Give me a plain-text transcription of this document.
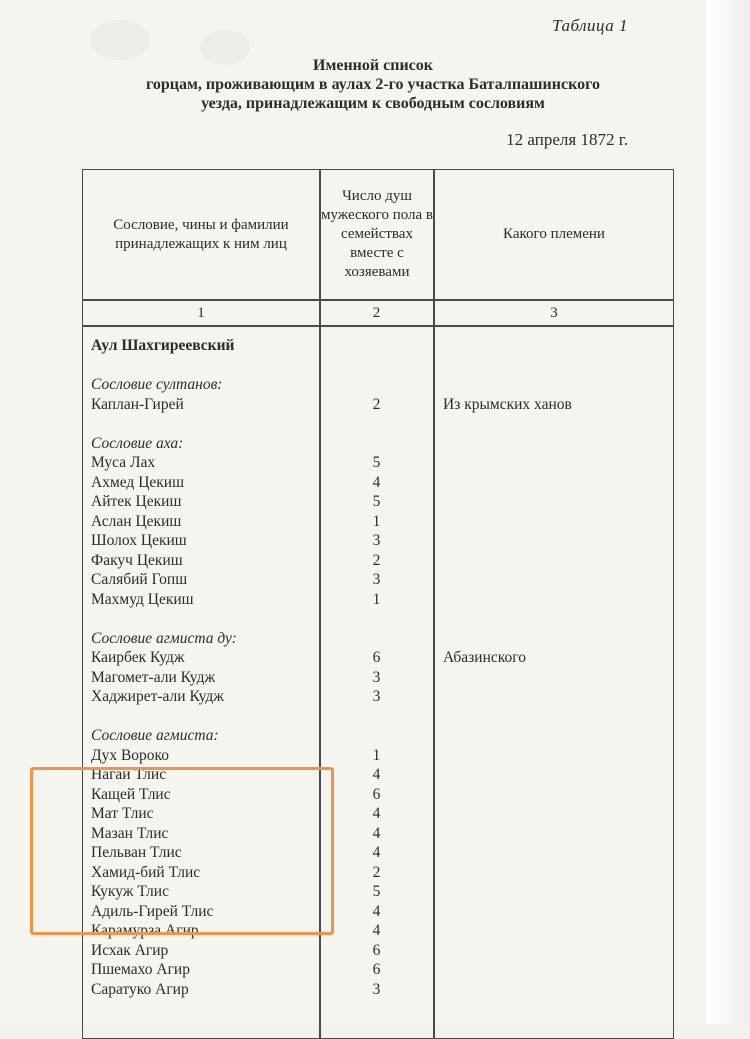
Таблица 1
Именной список
горцам, проживающим в аулах 2-го участка Баталпашинского
уезда, принадлежащим к свободным сословиям
12 апреля 1872 г.
Сословие, чины и фамилии принадлежащих к ним лиц
Число душ мужеского пола в семействах вместе с хозяевами
Какого племени
1	2	3
Аул Шахгиреевский
Сословие султанов:
Каплан-Гирей	2	Из крымских ханов
Сословие аха:
Муса Лах	5
Ахмед Цекиш	4
Айтек Цекиш	5
Аслан Цекиш	1
Шолох Цекиш	3
Факуч Цекиш	2
Салябий Гопш	3
Махмуд Цекиш	1
Сословие агмиста ду:
Каирбек Кудж	6	Абазинского
Магомет-али Кудж	3
Хаджирет-али Кудж	3
Сословие агмиста:
Дух Вороко	1
Нагай Тлис	4
Кащей Тлис	6
Мат Тлис	4
Мазан Тлис	4
Пельван Тлис	4
Хамид-бий Тлис	2
Кукуж Тлис	5
Адиль-Гирей Тлис	4
Карамурза Агир	4
Исхак Агир	6
Пшемахо Агир	6
Саратуко Агир	3
